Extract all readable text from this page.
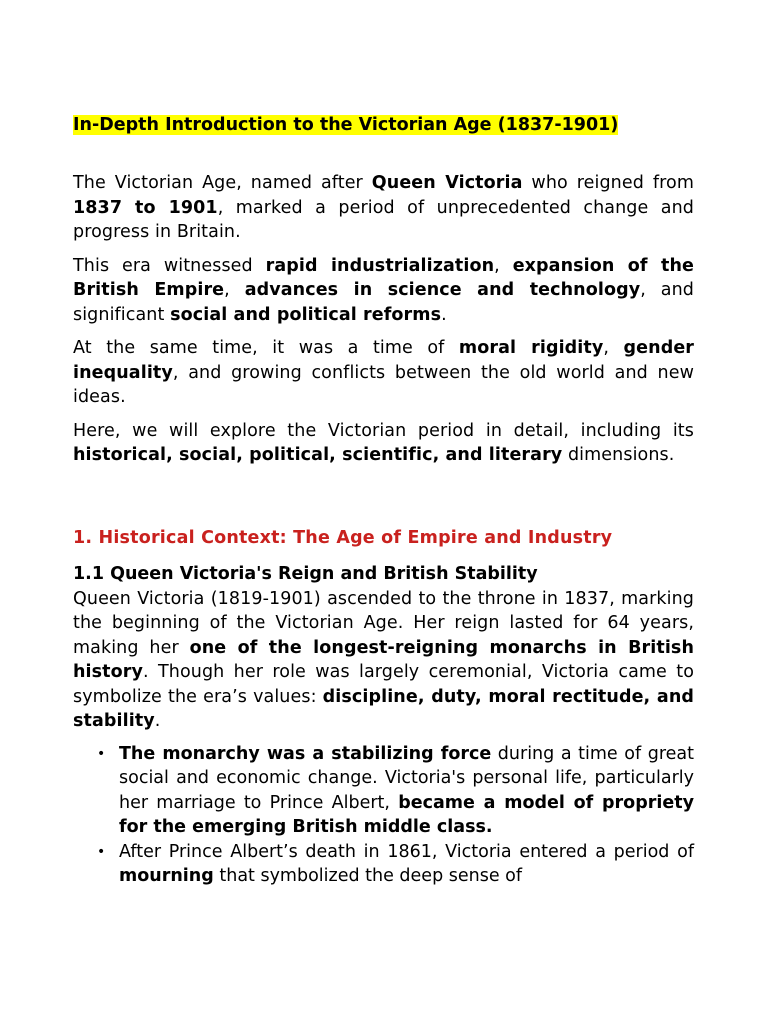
In-Depth Introduction to the Victorian Age (1837-1901)

The Victorian Age, named after Queen Victoria who reigned from 1837 to 1901, marked a period of unprecedented change and progress in Britain.

This era witnessed rapid industrialization, expansion of the British Empire, advances in science and technology, and significant social and political reforms.

At the same time, it was a time of moral rigidity, gender inequality, and growing conflicts between the old world and new ideas.

Here, we will explore the Victorian period in detail, including its historical, social, political, scientific, and literary dimensions.

1. Historical Context: The Age of Empire and Industry
1.1 Queen Victoria's Reign and British Stability

Queen Victoria (1819-1901) ascended to the throne in 1837, marking the beginning of the Victorian Age. Her reign lasted for 64 years, making her one of the longest-reigning monarchs in British history. Though her role was largely ceremonial, Victoria came to symbolize the era’s values: discipline, duty, moral rectitude, and stability.

• The monarchy was a stabilizing force during a time of great social and economic change. Victoria's personal life, particularly her marriage to Prince Albert, became a model of propriety for the emerging British middle class.
• After Prince Albert’s death in 1861, Victoria entered a period of mourning that symbolized the deep sense of
